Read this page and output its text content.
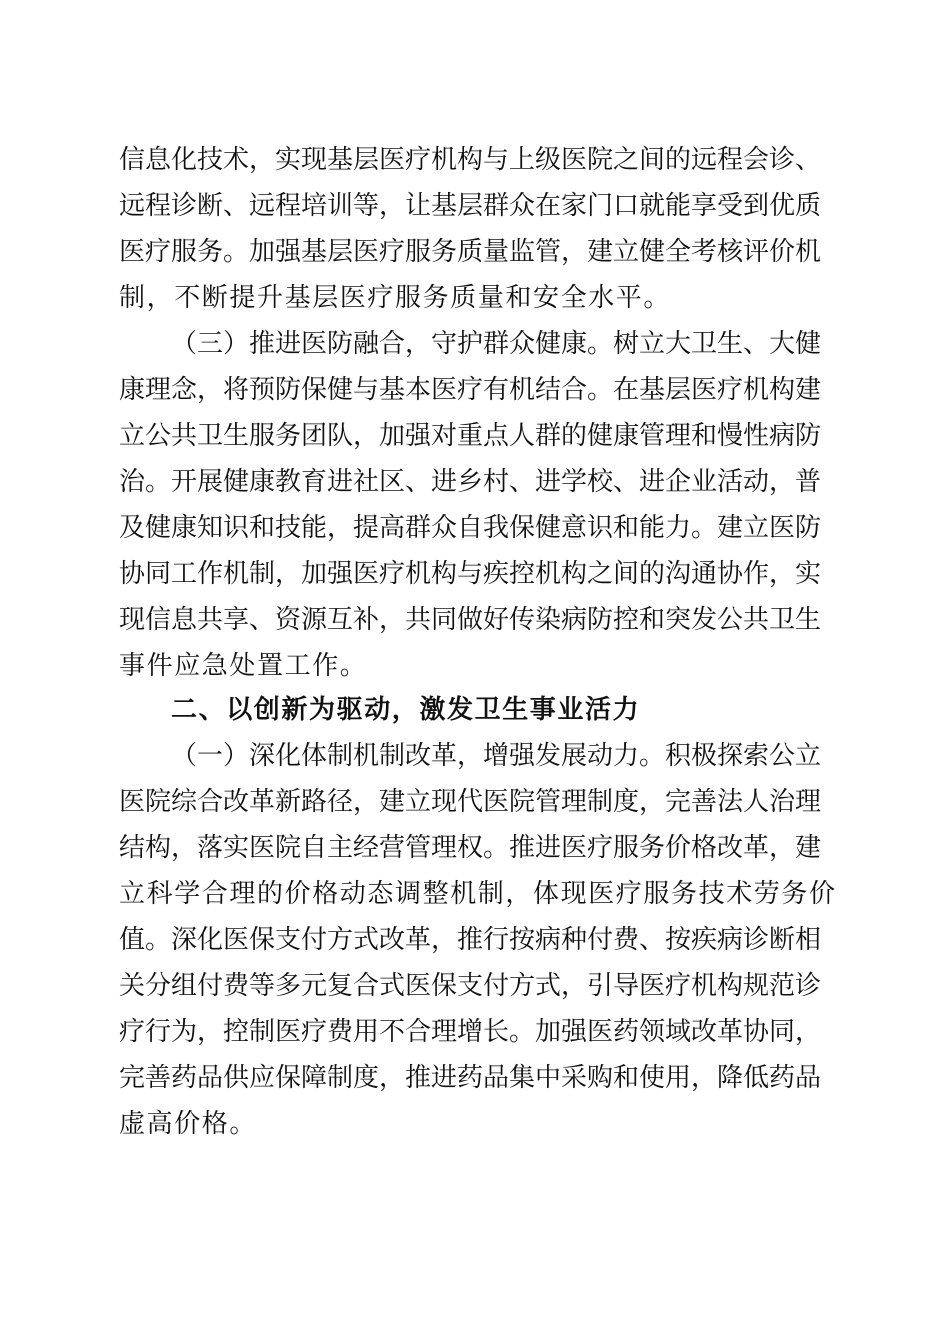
信息化技术，实现基层医疗机构与上级医院之间的远程会诊、
远程诊断、远程培训等，让基层群众在家门口就能享受到优质
医疗服务。加强基层医疗服务质量监管，建立健全考核评价机
制，不断提升基层医疗服务质量和安全水平。
（三）推进医防融合，守护群众健康。树立大卫生、大健
康理念，将预防保健与基本医疗有机结合。在基层医疗机构建
立公共卫生服务团队，加强对重点人群的健康管理和慢性病防
治。开展健康教育进社区、进乡村、进学校、进企业活动，普
及健康知识和技能，提高群众自我保健意识和能力。建立医防
协同工作机制，加强医疗机构与疾控机构之间的沟通协作，实
现信息共享、资源互补，共同做好传染病防控和突发公共卫生
事件应急处置工作。
二、以创新为驱动，激发卫生事业活力
（一）深化体制机制改革，增强发展动力。积极探索公立
医院综合改革新路径，建立现代医院管理制度，完善法人治理
结构，落实医院自主经营管理权。推进医疗服务价格改革，建
立科学合理的价格动态调整机制，体现医疗服务技术劳务价
值。深化医保支付方式改革，推行按病种付费、按疾病诊断相
关分组付费等多元复合式医保支付方式，引导医疗机构规范诊
疗行为，控制医疗费用不合理增长。加强医药领域改革协同，
完善药品供应保障制度，推进药品集中采购和使用，降低药品
虚高价格。
